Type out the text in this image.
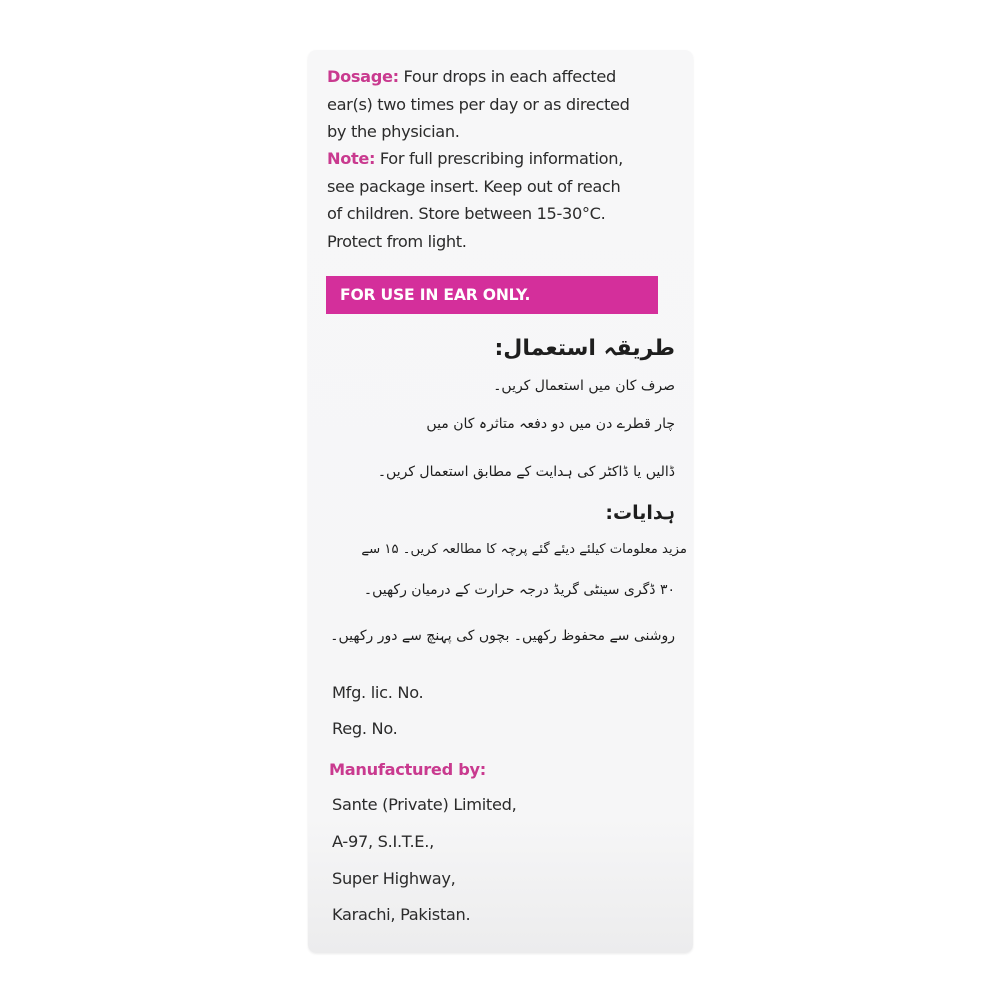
Dosage: Four drops in each affected
ear(s) two times per day or as directed
by the physician.
Note: For full prescribing information,
see package insert. Keep out of reach
of children. Store between 15-30°C.
Protect from light.
FOR USE IN EAR ONLY.
طریقہ استعمال:
صرف کان میں استعمال کریں۔
چار قطرے دن میں دو دفعہ متاثرہ کان میں
ڈالیں یا ڈاکٹر کی ہدایت کے مطابق استعمال کریں۔
ہدایات:
مزید معلومات کیلئے دیئے گئے پرچہ کا مطالعہ کریں۔ ۱۵ سے
۳۰ ڈگری سینٹی گریڈ درجہ حرارت کے درمیان رکھیں۔
روشنی سے محفوظ رکھیں۔ بچوں کی پہنچ سے دور رکھیں۔
Mfg. lic. No.
Reg. No.
Manufactured by:
Sante (Private) Limited,
A-97, S.I.T.E.,
Super Highway,
Karachi, Pakistan.
